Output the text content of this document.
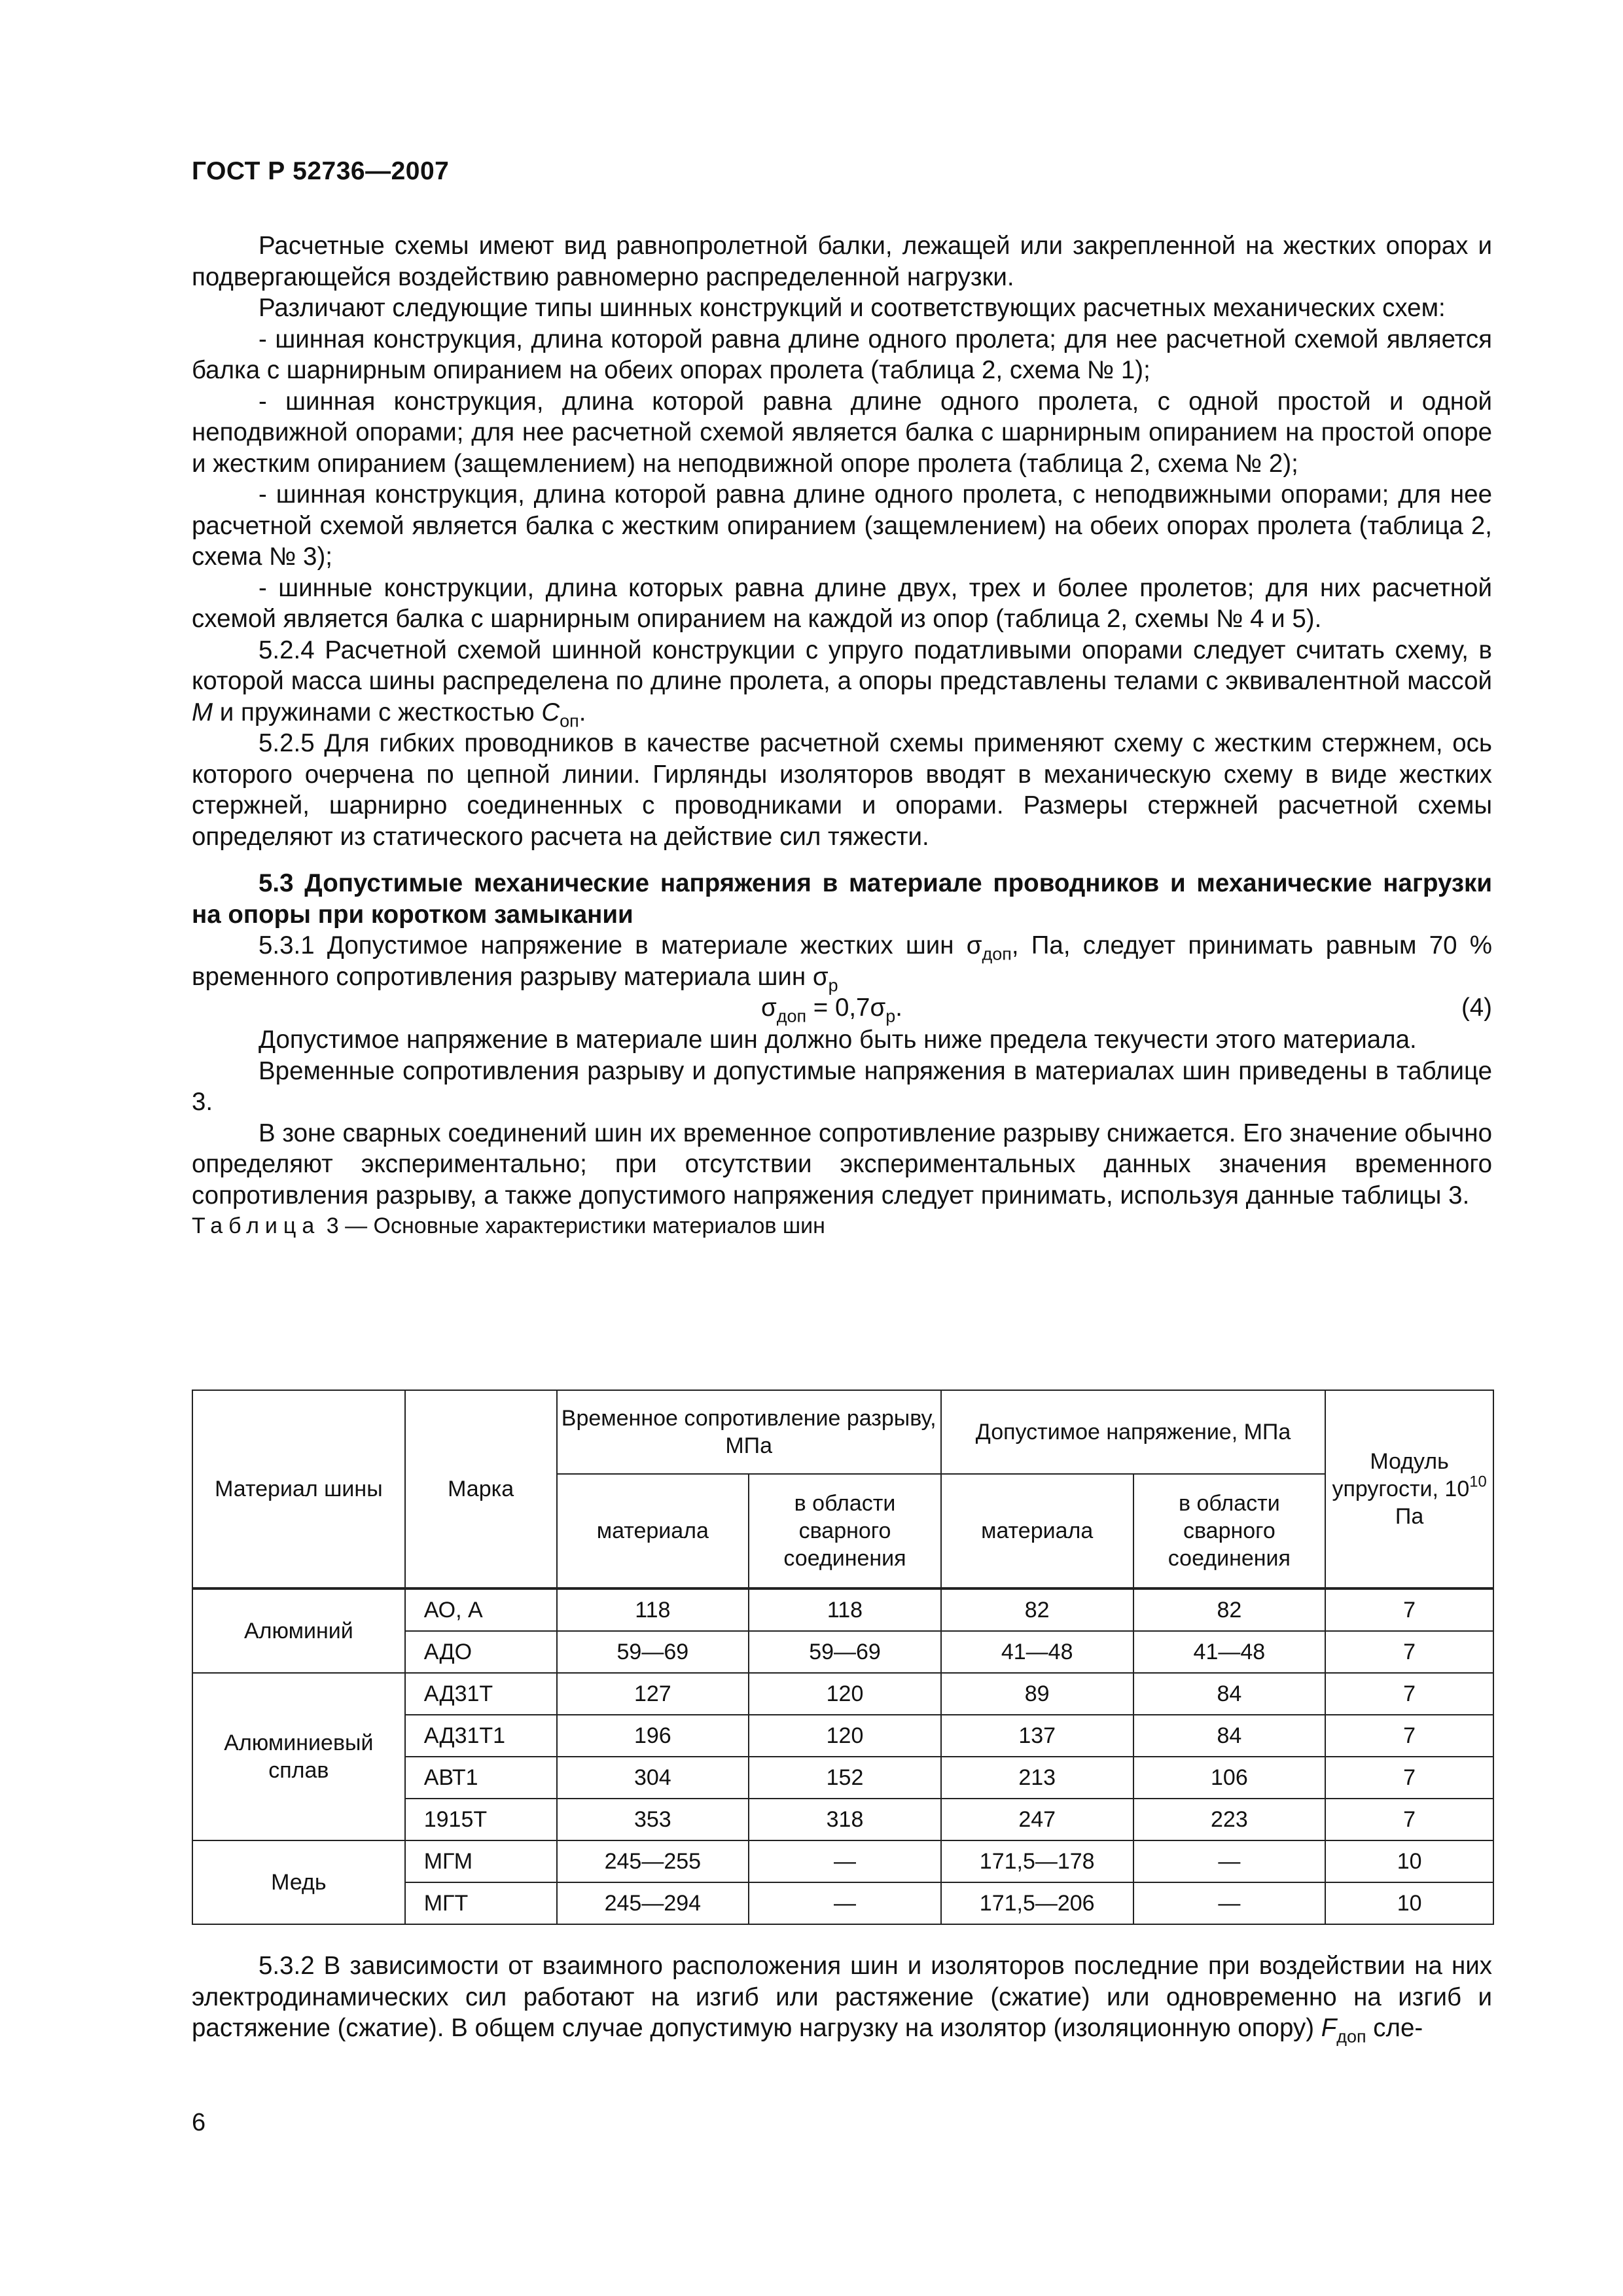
ГОСТ Р 52736—2007

Расчетные схемы имеют вид равнопролетной балки, лежащей или закрепленной на жестких опорах и подвергающейся воздействию равномерно распределенной нагрузки.

Различают следующие типы шинных конструкций и соответствующих расчетных механических схем:

- шинная конструкция, длина которой равна длине одного пролета; для нее расчетной схемой является балка с шарнирным опиранием на обеих опорах пролета (таблица 2, схема № 1);

- шинная конструкция, длина которой равна длине одного пролета, с одной простой и одной неподвижной опорами; для нее расчетной схемой является балка с шарнирным опиранием на простой опоре и жестким опиранием (защемлением) на неподвижной опоре пролета (таблица 2, схема № 2);

- шинная конструкция, длина которой равна длине одного пролета, с неподвижными опорами; для нее расчетной схемой является балка с жестким опиранием (защемлением) на обеих опорах пролета (таблица 2, схема № 3);

- шинные конструкции, длина которых равна длине двух, трех и более пролетов; для них расчетной схемой является балка с шарнирным опиранием на каждой из опор (таблица 2, схемы № 4 и 5).

5.2.4 Расчетной схемой шинной конструкции с упруго податливыми опорами следует считать схему, в которой масса шины распределена по длине пролета, а опоры представлены телами с эквивалентной массой M и пружинами с жесткостью $C_{оп}$.

5.2.5 Для гибких проводников в качестве расчетной схемы применяют схему с жестким стержнем, ось которого очерчена по цепной линии. Гирлянды изоляторов вводят в механическую схему в виде жестких стержней, шарнирно соединенных с проводниками и опорами. Размеры стержней расчетной схемы определяют из статического расчета на действие сил тяжести.

5.3 Допустимые механические напряжения в материале проводников и механические нагрузки на опоры при коротком замыкании

5.3.1 Допустимое напряжение в материале жестких шин $\sigma_{доп}$, Па, следует принимать равным 70 % временного сопротивления разрыву материала шин $\sigma_р$

$\sigma_{доп} = 0,7\sigma_р$.	(4)

Допустимое напряжение в материале шин должно быть ниже предела текучести этого материала.

Временные сопротивления разрыву и допустимые напряжения в материалах шин приведены в таблице 3.

В зоне сварных соединений шин их временное сопротивление разрыву снижается. Его значение обычно определяют экспериментально; при отсутствии экспериментальных данных значения временного сопротивления разрыву, а также допустимого напряжения следует принимать, используя данные таблицы 3.

Таблица 3 — Основные характеристики материалов шин

Материал шины	Марка	Временное сопротивление разрыву, МПа		Допустимое напряжение, МПа		Модуль упругости, $10^{10}$ Па
		материала	в области сварного соединения	материала	в области сварного соединения	
Алюминий	АО, А	118	118	82	82	7
	АДО	59—69	59—69	41—48	41—48	7
Алюминиевый сплав	АД31Т	127	120	89	84	7
	АД31Т1	196	120	137	84	7
	АВТ1	304	152	213	106	7
	1915Т	353	318	247	223	7
Медь	МГМ	245—255	—	171,5—178	—	10
	МГТ	245—294	—	171,5—206	—	10

5.3.2 В зависимости от взаимного расположения шин и изоляторов последние при воздействии на них электродинамических сил работают на изгиб или растяжение (сжатие) или одновременно на изгиб и растяжение (сжатие). В общем случае допустимую нагрузку на изолятор (изоляционную опору) $F_{доп}$ сле-

6
